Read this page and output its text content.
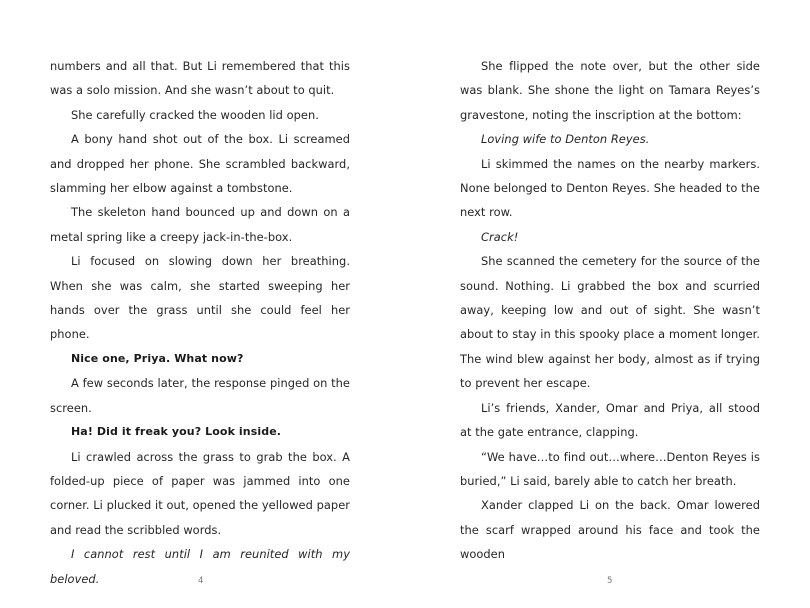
numbers and all that. But Li remembered that this was a solo mission. And she wasn’t about to quit.

She carefully cracked the wooden lid open.

A bony hand shot out of the box. Li screamed and dropped her phone. She scrambled backward, slamming her elbow against a tombstone.

The skeleton hand bounced up and down on a metal spring like a creepy jack-in-the-box.

Li focused on slowing down her breathing. When she was calm, she started sweeping her hands over the grass until she could feel her phone.

Nice one, Priya. What now?

A few seconds later, the response pinged on the screen.

Ha! Did it freak you? Look inside.

Li crawled across the grass to grab the box. A folded-up piece of paper was jammed into one corner. Li plucked it out, opened the yellowed paper and read the scribbled words.

I cannot rest until I am reunited with my beloved.

She flipped the note over, but the other side was blank. She shone the light on Tamara Reyes’s gravestone, noting the inscription at the bottom:

Loving wife to Denton Reyes.

Li skimmed the names on the nearby markers. None belonged to Denton Reyes. She headed to the next row.

Crack!

She scanned the cemetery for the source of the sound. Nothing. Li grabbed the box and scurried away, keeping low and out of sight. She wasn’t about to stay in this spooky place a moment longer. The wind blew against her body, almost as if trying to prevent her escape.

Li’s friends, Xander, Omar and Priya, all stood at the gate entrance, clapping.

“We have…to find out…where…Denton Reyes is buried,” Li said, barely able to catch her breath.

Xander clapped Li on the back. Omar lowered the scarf wrapped around his face and took the wooden

4	5
